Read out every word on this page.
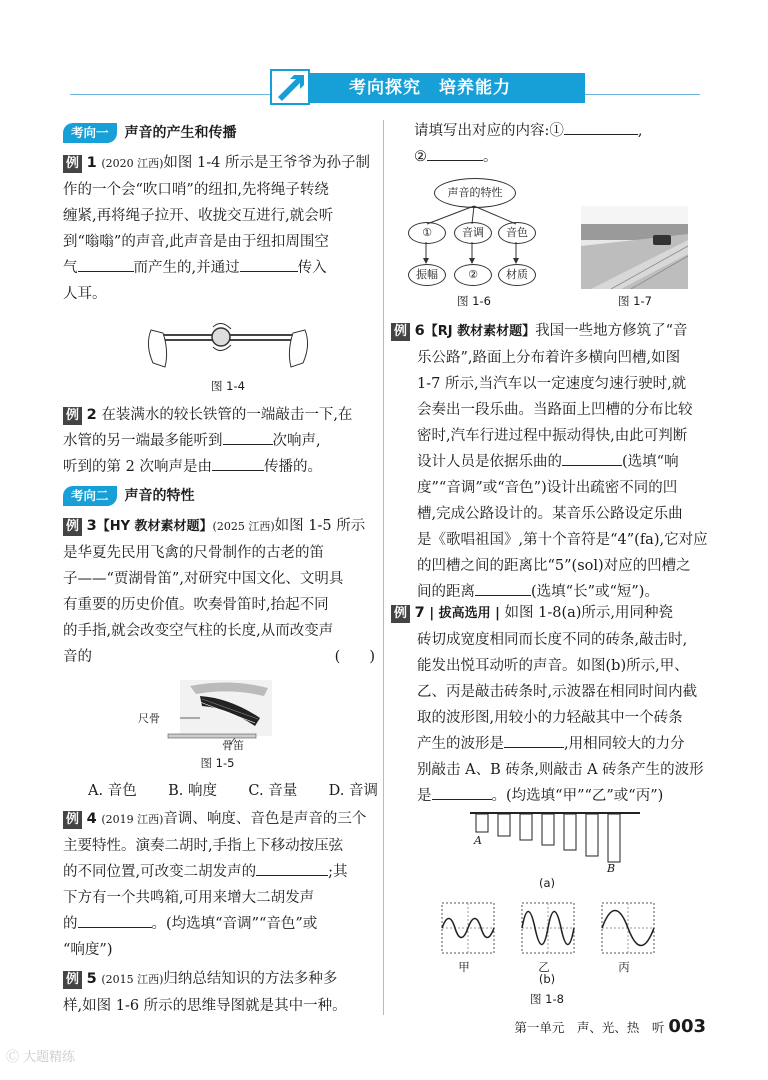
考向探究　培养能力
考向一 声音的产生和传播
例 1 (2020 江西)如图 1-4 所示是王爷爷为孙子制
作的一个会“吹口哨”的纽扣,先将绳子转绕
缠紧,再将绳子拉开、收拢交互进行,就会听
到“嗡嗡”的声音,此声音是由于纽扣周围空
气	而产生的,并通过	传入
人耳。
图 1-4
例 2 在装满水的较长铁管的一端敲击一下,在
水管的另一端最多能听到	次响声,
听到的第 2 次响声是由	传播的。
考向二 声音的特性
例 3【HY 教材素材题】(2025 江西)如图 1-5 所示
是华夏先民用飞禽的尺骨制作的古老的笛
子——“贾湖骨笛”,对研究中国文化、文明具
有重要的历史价值。吹奏骨笛时,抬起不同
的手指,就会改变空气柱的长度,从而改变声
音的	(　　)
尺骨
骨笛
图 1-5
A. 音色 B. 响度 C. 音量 D. 音调
例 4 (2019 江西)音调、响度、音色是声音的三个
主要特性。演奏二胡时,手指上下移动按压弦
的不同位置,可改变二胡发声的	;其
下方有一个共鸣箱,可用来增大二胡发声
的	。(均选填“音调”“音色”或
“响度”)
例 5 (2015 江西)归纳总结知识的方法多种多
样,如图 1-6 所示的思维导图就是其中一种。
请填写出对应的内容:①	,
②	。
声音的特性
①	音调	音色
振幅	②	材质
图 1-6	图 1-7
例 6【RJ 教材素材题】我国一些地方修筑了“音
乐公路”,路面上分布着许多横向凹槽,如图
1-7 所示,当汽车以一定速度匀速行驶时,就
会奏出一段乐曲。当路面上凹槽的分布比较
密时,汽车行进过程中振动得快,由此可判断
设计人员是依据乐曲的	(选填“响
度”“音调”或“音色”)设计出疏密不同的凹
槽,完成公路设计的。某音乐公路设定乐曲
是《歌唱祖国》,第十个音符是“4”(fa),它对应
的凹槽之间的距离比“5”(sol)对应的凹槽之
间的距离	(选填“长”或“短”)。
例 7 | 拔高选用 | 如图 1-8(a)所示,用同种瓷
砖切成宽度相同而长度不同的砖条,敲击时,
能发出悦耳动听的声音。如图(b)所示,甲、
乙、丙是敲击砖条时,示波器在相同时间内截
取的波形图,用较小的力轻敲其中一个砖条
产生的波形是	,用相同较大的力分
别敲击 A、B 砖条,则敲击 A 砖条产生的波形
是	。(均选填“甲”“乙”或“丙”)
A
B
(a)
甲	乙	丙
(b)
图 1-8
第一单元　声、光、热　听 003
Ⓒ 大题精练
